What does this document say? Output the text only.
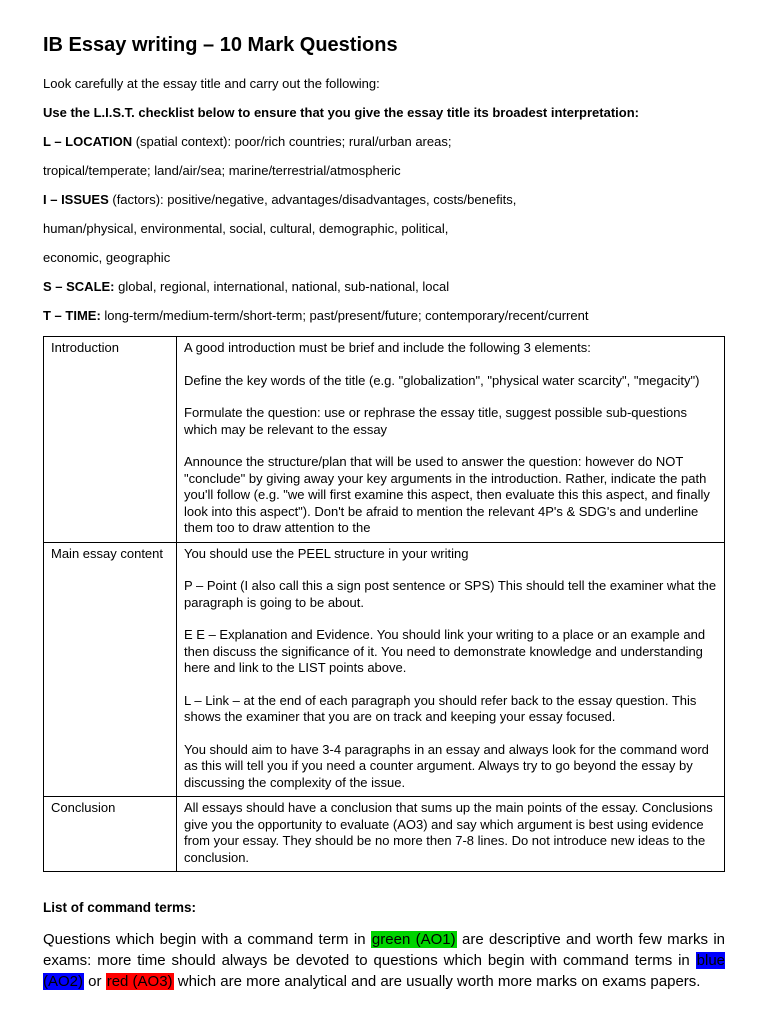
IB Essay writing – 10 Mark Questions

Look carefully at the essay title and carry out the following:

Use the L.I.S.T. checklist below to ensure that you give the essay title its broadest interpretation:

L – LOCATION (spatial context): poor/rich countries; rural/urban areas;

tropical/temperate; land/air/sea; marine/terrestrial/atmospheric

I – ISSUES (factors): positive/negative, advantages/disadvantages, costs/benefits,

human/physical, environmental, social, cultural, demographic, political,

economic, geographic

S – SCALE: global, regional, international, national, sub-national, local

T – TIME: long-term/medium-term/short-term; past/present/future; contemporary/recent/current

Introduction	A good introduction must be brief and include the following 3 elements:

Define the key words of the title (e.g. "globalization", "physical water scarcity", "megacity")

Formulate the question: use or rephrase the essay title, suggest possible sub-questions which may be relevant to the essay

Announce the structure/plan that will be used to answer the question: however do NOT "conclude" by giving away your key arguments in the introduction. Rather, indicate the path you'll follow (e.g. "we will first examine this aspect, then evaluate this this aspect, and finally look into this aspect"). Don't be afraid to mention the relevant 4P's & SDG's and underline them too to draw attention to the

Main essay content	You should use the PEEL structure in your writing

P – Point (I also call this a sign post sentence or SPS) This should tell the examiner what the paragraph is going to be about.

E E – Explanation and Evidence. You should link your writing to a place or an example and then discuss the significance of it. You need to demonstrate knowledge and understanding here and link to the LIST points above.

L – Link – at the end of each paragraph you should refer back to the essay question. This shows the examiner that you are on track and keeping your essay focused.

You should aim to have 3-4 paragraphs in an essay and always look for the command word as this will tell you if you need a counter argument. Always try to go beyond the essay by discussing the complexity of the issue.

Conclusion	All essays should have a conclusion that sums up the main points of the essay. Conclusions give you the opportunity to evaluate (AO3) and say which argument is best using evidence from your essay. They should be no more then 7-8 lines. Do not introduce new ideas to the conclusion.

List of command terms:

Questions which begin with a command term in green (AO1) are descriptive and worth few marks in exams: more time should always be devoted to questions which begin with command terms in blue (AO2) or red (AO3) which are more analytical and are usually worth more marks on exams papers.
